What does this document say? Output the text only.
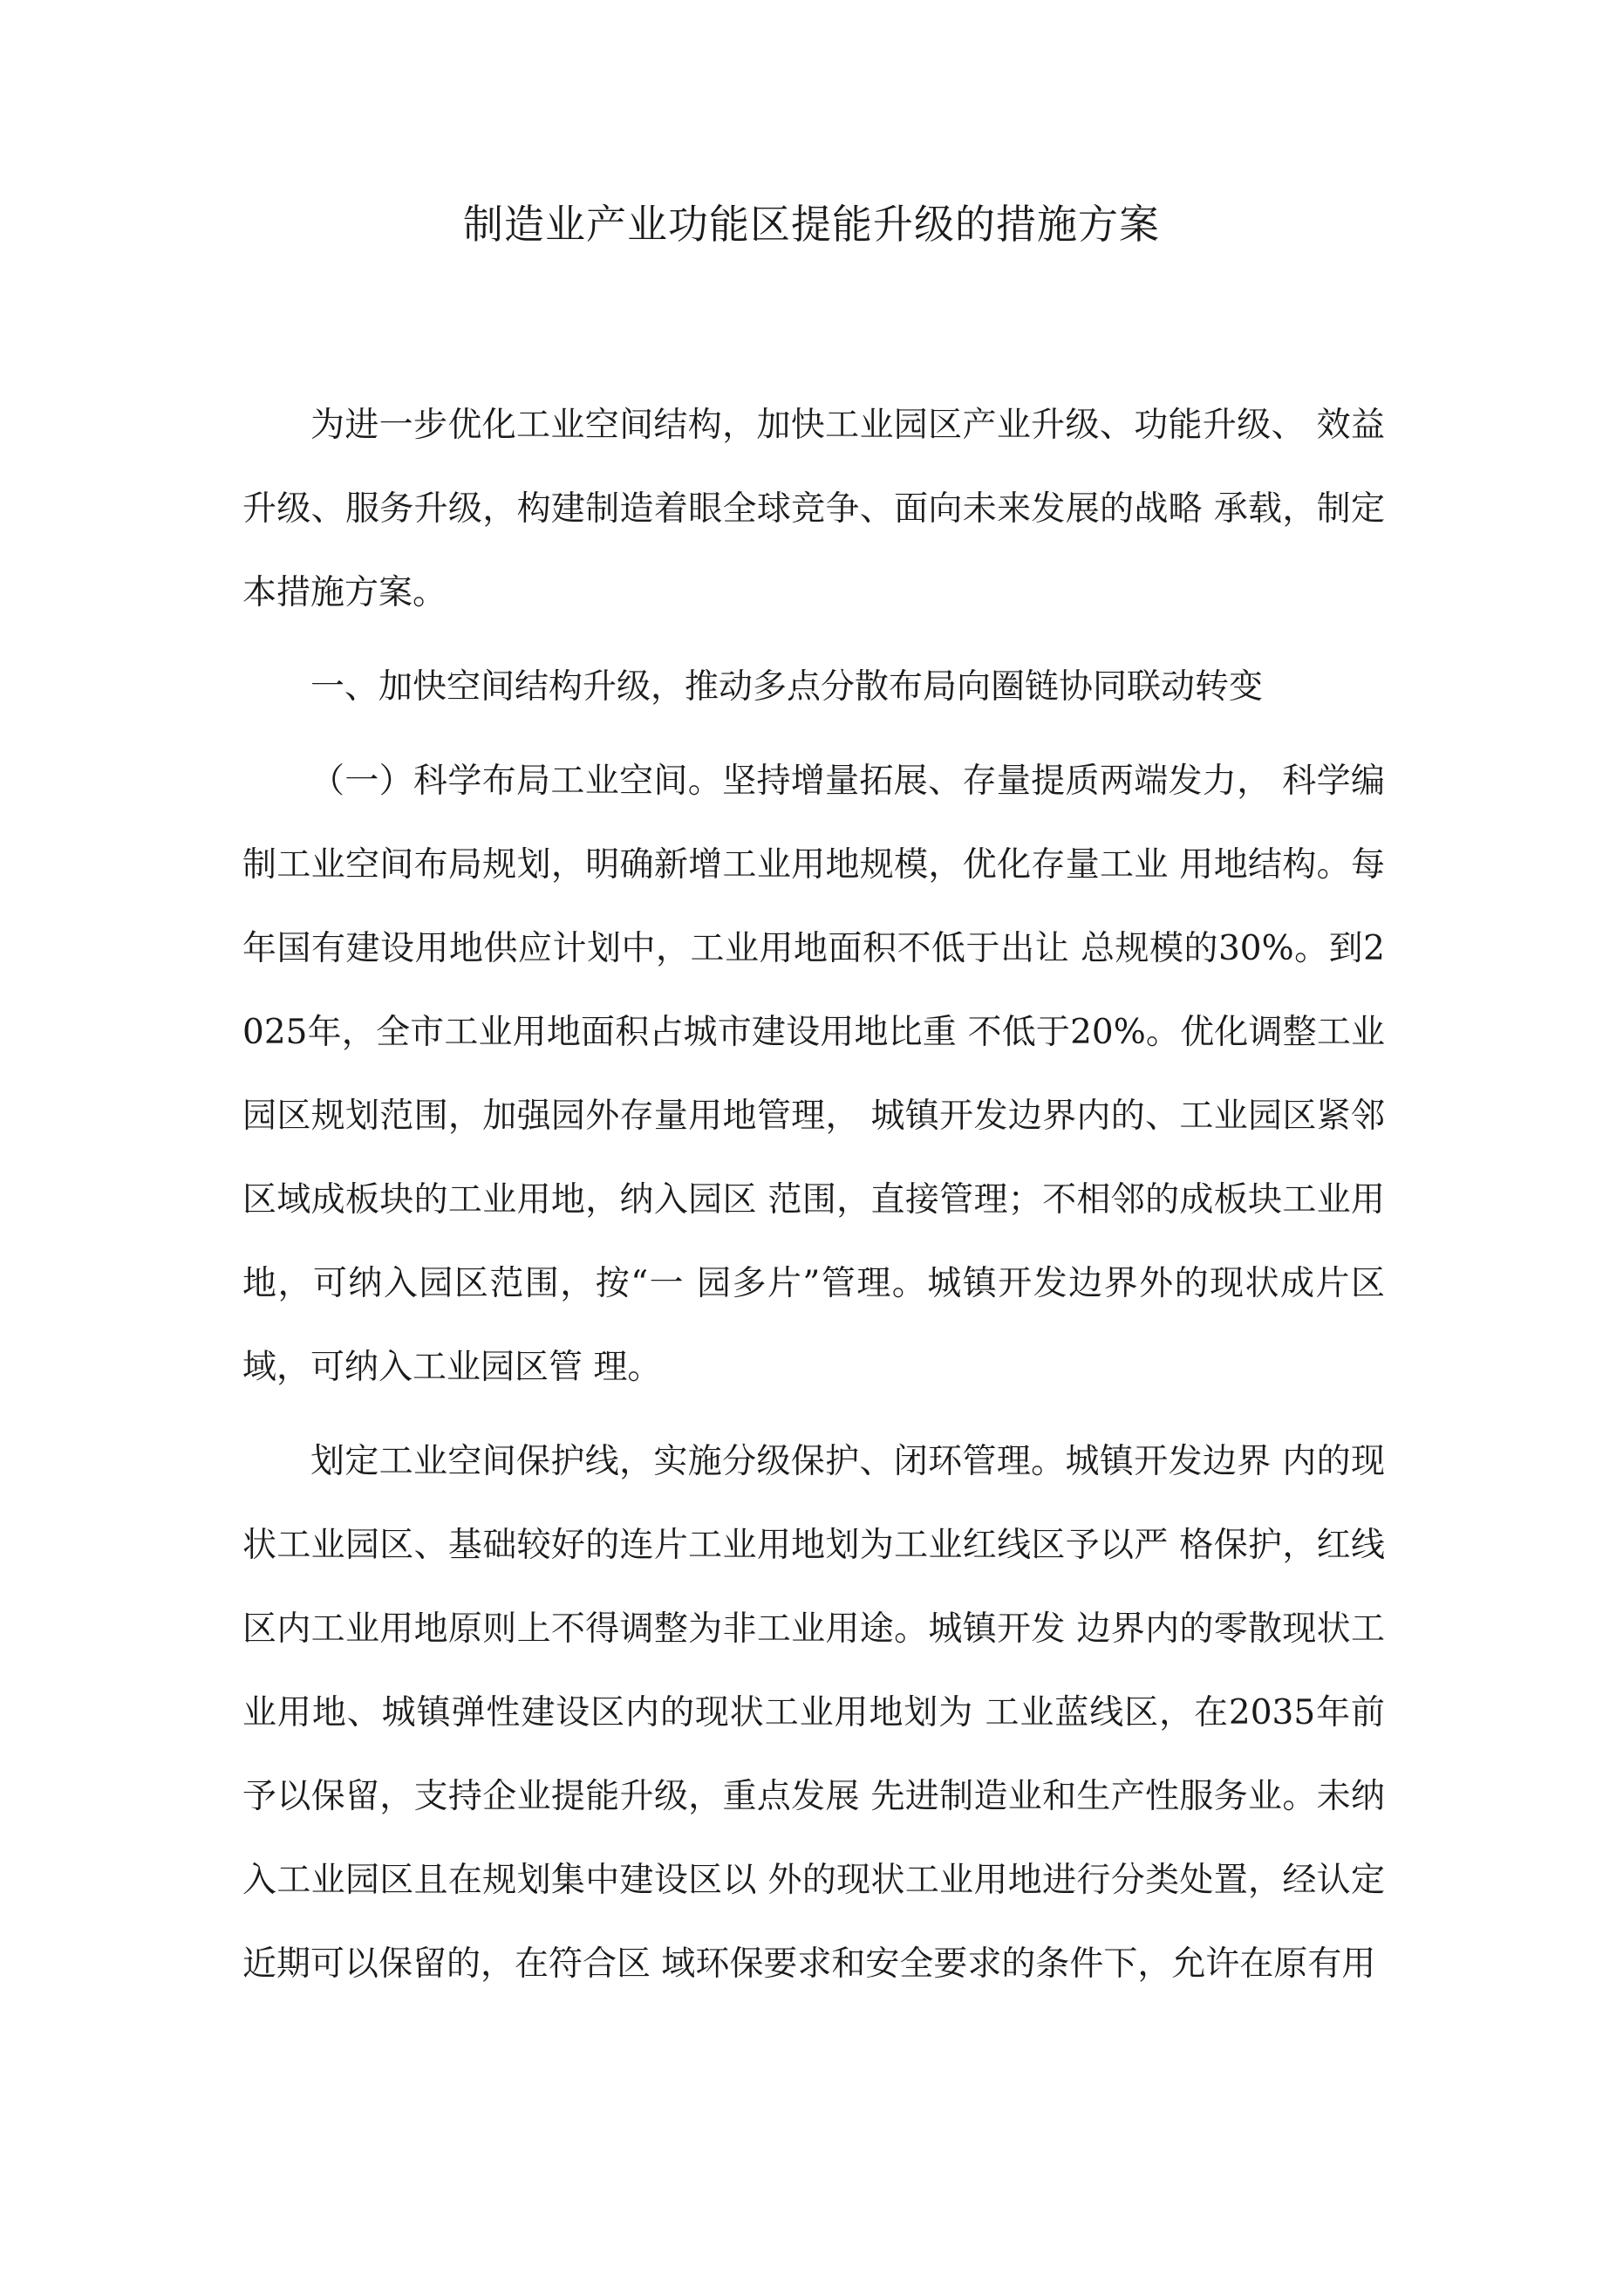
制造业产业功能区提能升级的措施方案

为进一步优化工业空间结构，加快工业园区产业升级、功能升级、 效益升级、服务升级，构建制造着眼全球竞争、面向未来发展的战略 承载，制定本措施方案。

一、加快空间结构升级，推动多点分散布局向圈链协同联动转变

（一）科学布局工业空间。坚持增量拓展、存量提质两端发力， 科学编制工业空间布局规划，明确新增工业用地规模，优化存量工业 用地结构。每年国有建设用地供应计划中，工业用地面积不低于出让 总规模的30%。到2025年，全市工业用地面积占城市建设用地比重 不低于20%。优化调整工业园区规划范围，加强园外存量用地管理， 城镇开发边界内的、工业园区紧邻区域成板块的工业用地，纳入园区 范围，直接管理；不相邻的成板块工业用地，可纳入园区范围，按“一 园多片”管理。城镇开发边界外的现状成片区域，可纳入工业园区管 理。

划定工业空间保护线，实施分级保护、闭环管理。城镇开发边界 内的现状工业园区、基础较好的连片工业用地划为工业红线区予以严 格保护，红线区内工业用地原则上不得调整为非工业用途。城镇开发 边界内的零散现状工业用地、城镇弹性建设区内的现状工业用地划为 工业蓝线区，在2035年前予以保留，支持企业提能升级，重点发展 先进制造业和生产性服务业。未纳入工业园区且在规划集中建设区以 外的现状工业用地进行分类处置，经认定近期可以保留的，在符合区 域环保要求和安全要求的条件下，允许在原有用
